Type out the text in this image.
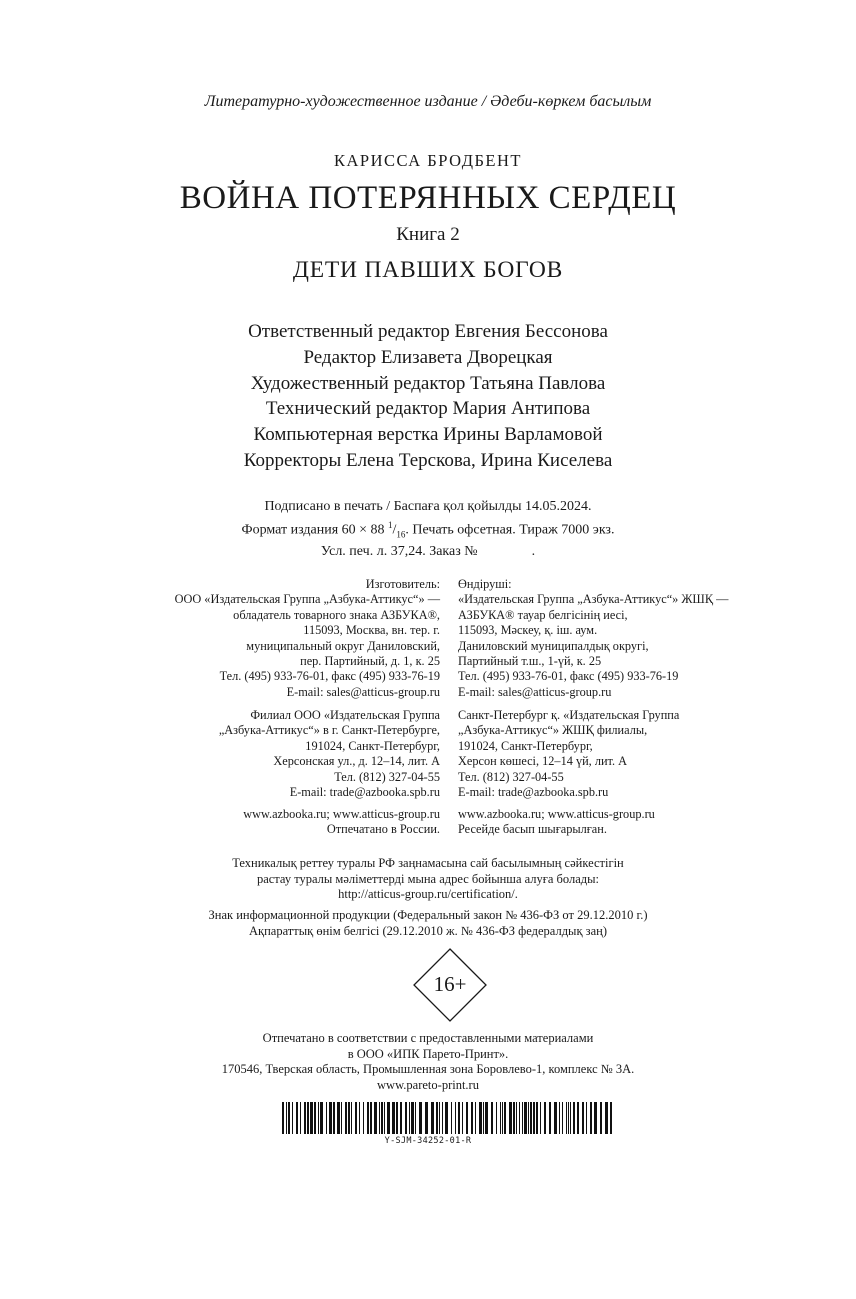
Литературно-художественное издание / Әдеби-көркем басылым
КАРИССА БРОДБЕНТ
ВОЙНА ПОТЕРЯННЫХ СЕРДЕЦ
Книга 2
ДЕТИ ПАВШИХ БОГОВ
Ответственный редактор Евгения Бессонова
Редактор Елизавета Дворецкая
Художественный редактор Татьяна Павлова
Технический редактор Мария Антипова
Компьютерная верстка Ирины Варламовой
Корректоры Елена Терскова, Ирина Киселева
Подписано в печать / Баспаға қол қойылды 14.05.2024.
Формат издания 60 × 88 $^1/_{16}$. Печать офсетная. Тираж 7000 экз.
Усл. печ. л. 37,24. Заказ №	.
Изготовитель:
ООО «Издательская Группа „Азбука-Аттикус“» —
обладатель товарного знака АЗБУКА®,
115093, Москва, вн. тер. г.
муниципальный округ Даниловский,
пер. Партийный, д. 1, к. 25
Тел. (495) 933-76-01, факс (495) 933-76-19
E-mail: sales@atticus-group.ru
Өндіруші:
«Издательская Группа „Азбука-Аттикус“» ЖШҚ —
АЗБУКА® тауар белгісінің иесі,
115093, Мәскеу, қ. іш. аум.
Даниловский муниципалдық округі,
Партийный т.ш., 1-үй, к. 25
Тел. (495) 933-76-01, факс (495) 933-76-19
E-mail: sales@atticus-group.ru
Филиал ООО «Издательская Группа
„Азбука-Аттикус“» в г. Санкт-Петербурге,
191024, Санкт-Петербург,
Херсонская ул., д. 12–14, лит. А
Тел. (812) 327-04-55
E-mail: trade@azbooka.spb.ru
Санкт-Петербург қ. «Издательская Группа
„Азбука-Аттикус“» ЖШҚ филиалы,
191024, Санкт-Петербург,
Херсон көшесі, 12–14 үй, лит. А
Тел. (812) 327-04-55
E-mail: trade@azbooka.spb.ru
www.azbooka.ru; www.atticus-group.ru
Отпечатано в России.
www.azbooka.ru; www.atticus-group.ru
Ресейде басып шығарылған.
Техникалық реттеу туралы РФ заңнамасына сай басылымның сәйкестігін
растау туралы мәліметтерді мына адрес бойынша алуға болады:
http://atticus-group.ru/certification/.
Знак информационной продукции (Федеральный закон № 436-ФЗ от 29.12.2010 г.)
Ақпараттық өнім белгісі (29.12.2010 ж. № 436-ФЗ федералдық заң)
16+
Отпечатано в соответствии с предоставленными материалами
в ООО «ИПК Парето-Принт».
170546, Тверская область, Промышленная зона Боровлево-1, комплекс № 3А.
www.pareto-print.ru
Y-SJM-34252-01-R
